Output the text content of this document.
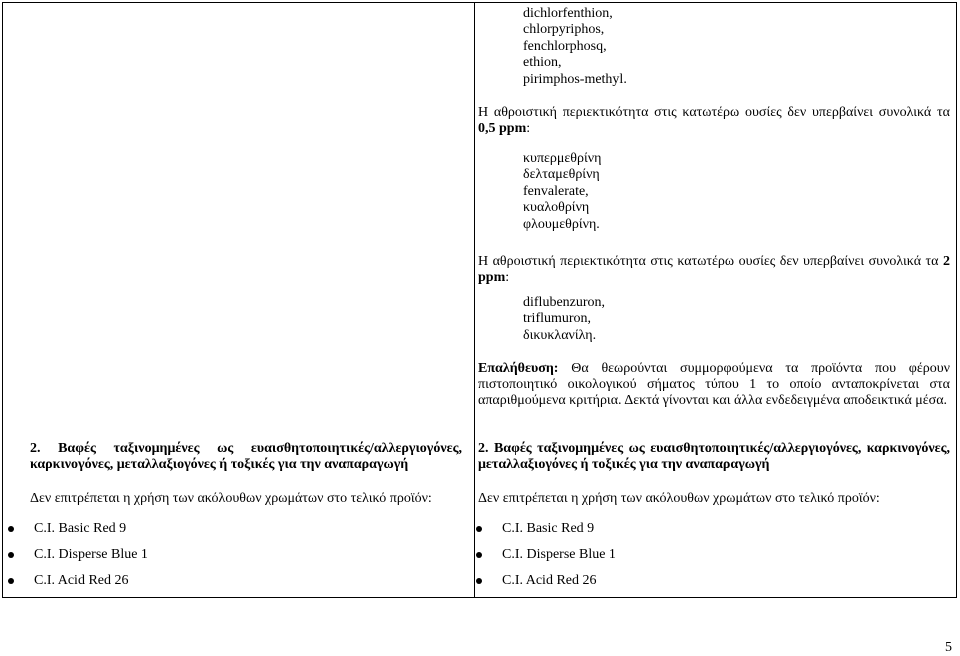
dichlorfenthion,
chlorpyriphos,
fenchlorphosq,
ethion,
pirimphos-methyl.

Η αθροιστική περιεκτικότητα στις κατωτέρω ουσίες δεν υπερβαίνει συνολικά τα 0,5 ppm:

κυπερμεθρίνη
δελταμεθρίνη
fenvalerate,
κυαλοθρίνη
φλουμεθρίνη.

Η αθροιστική περιεκτικότητα στις κατωτέρω ουσίες δεν υπερβαίνει συνολικά τα 2 ppm:

diflubenzuron,
triflumuron,
δικυκλανίλη.

Επαλήθευση: Θα θεωρούνται συμμορφούμενα τα προϊόντα που φέρουν πιστοποιητικό οικολογικού σήματος τύπου 1 το οποίο ανταποκρίνεται στα απαριθμούμενα κριτήρια. Δεκτά γίνονται και άλλα ενδεδειγμένα αποδεικτικά μέσα.

2. Βαφές ταξινομημένες ως ευαισθητοποιητικές/αλλεργιογόνες, καρκινογόνες, μεταλλαξιογόνες ή τοξικές για την αναπαραγωγή

Δεν επιτρέπεται η χρήση των ακόλουθων χρωμάτων στο τελικό προϊόν:
C.I. Basic Red 9
C.I. Disperse Blue 1
C.I. Acid Red 26

2. Βαφές ταξινομημένες ως ευαισθητοποιητικές/αλλεργιογόνες, καρκινογόνες, μεταλλαξιογόνες ή τοξικές για την αναπαραγωγή

Δεν επιτρέπεται η χρήση των ακόλουθων χρωμάτων στο τελικό προϊόν:
C.I. Basic Red 9
C.I. Disperse Blue 1
C.I. Acid Red 26
5
